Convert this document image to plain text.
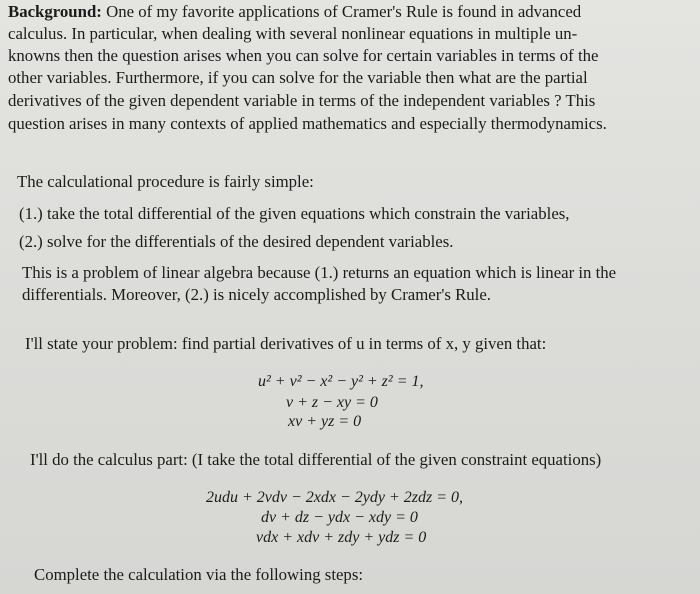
Background: One of my favorite applications of Cramer's Rule is found in advanced
calculus. In particular, when dealing with several nonlinear equations in multiple un-
knowns then the question arises when you can solve for certain variables in terms of the
other variables. Furthermore, if you can solve for the variable then what are the partial
derivatives of the given dependent variable in terms of the independent variables ? This
question arises in many contexts of applied mathematics and especially thermodynamics.
The calculational procedure is fairly simple:
(1.) take the total differential of the given equations which constrain the variables,
(2.) solve for the differentials of the desired dependent variables.
This is a problem of linear algebra because (1.) returns an equation which is linear in the
differentials. Moreover, (2.) is nicely accomplished by Cramer's Rule.
I'll state your problem: find partial derivatives of u in terms of x, y given that:
u² + v² − x² − y² + z² = 1,
v + z − xy = 0
xv + yz = 0
I'll do the calculus part: (I take the total differential of the given constraint equations)
2udu + 2vdv − 2xdx − 2ydy + 2zdz = 0,
dv + dz − ydx − xdy = 0
vdx + xdv + zdy + ydz = 0
Complete the calculation via the following steps:
